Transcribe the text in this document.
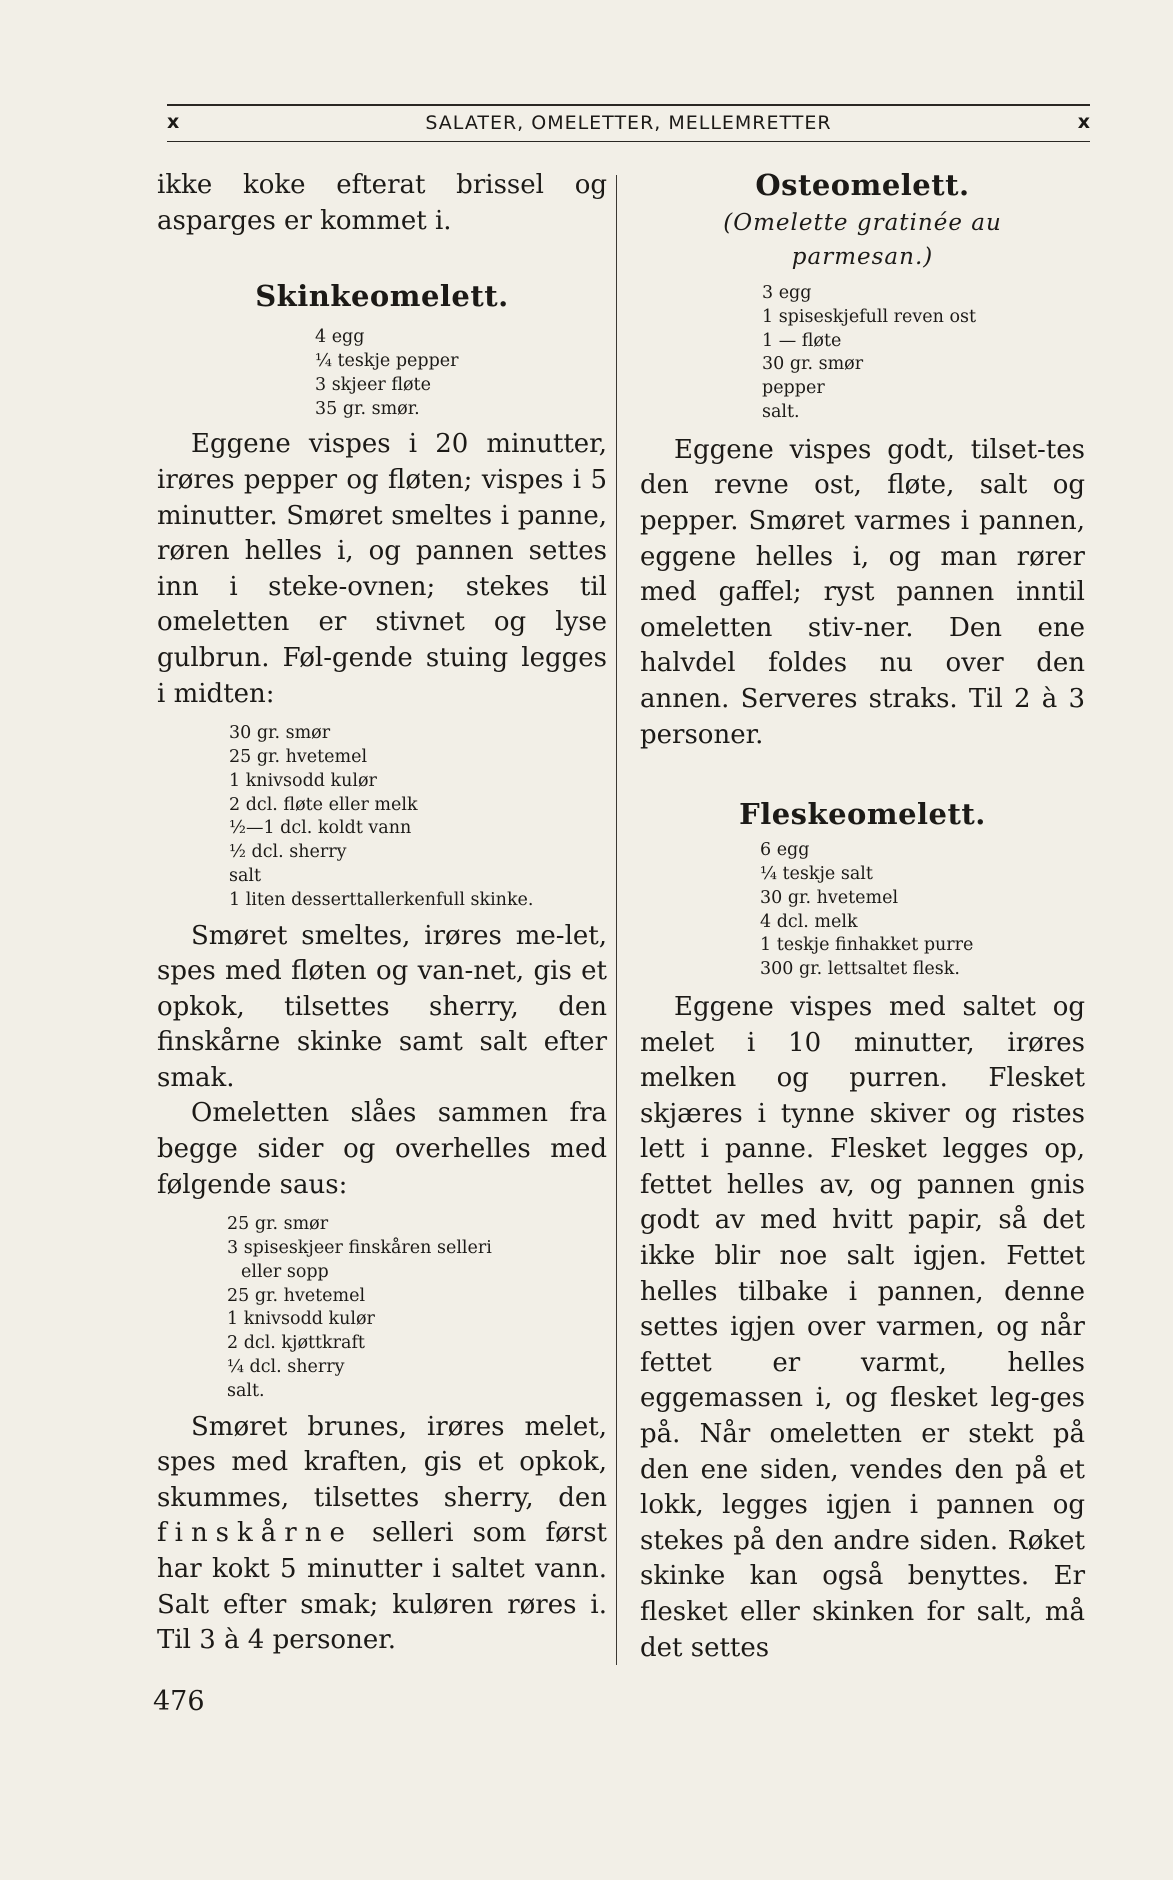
x	SALATER, OMELETTER, MELLEMRETTER	x

ikke koke efterat brissel og asparges er kommet i.

Skinkeomelett.
4 egg
¼ teskje pepper
3 skjeer fløte
35 gr. smør.

Eggene vispes i 20 minutter, irøres pepper og fløten; vispes i 5 minutter. Smøret smeltes i panne, røren helles i, og pannen settes inn i steke-ovnen; stekes til omeletten er stivnet og lyse gulbrun. Føl-gende stuing legges i midten:

30 gr. smør
25 gr. hvetemel
1 knivsodd kulør
2 dcl. fløte eller melk
½—1 dcl. koldt vann
½ dcl. sherry
salt
1 liten desserttallerkenfull skinke.

Smøret smeltes, irøres me-let, spes med fløten og van-net, gis et opkok, tilsettes sherry, den finskårne skinke samt salt efter smak.

Omeletten slåes sammen fra begge sider og overhelles med følgende saus:

25 gr. smør
3 spiseskjeer finskåren selleri
eller sopp
25 gr. hvetemel
1 knivsodd kulør
2 dcl. kjøttkraft
¼ dcl. sherry
salt.

Smøret brunes, irøres melet, spes med kraften, gis et opkok, skummes, tilsettes sherry, den finskårne selleri som først har kokt 5 minutter i saltet vann. Salt efter smak; kuløren røres i. Til 3 à 4 personer.

Osteomelett.

(Omelette gratinée au parmesan.)

3 egg
1 spiseskjefull reven ost
1 — fløte
30 gr. smør
pepper
salt.

Eggene vispes godt, tilset-tes den revne ost, fløte, salt og pepper. Smøret varmes i pannen, eggene helles i, og man rører med gaffel; ryst pannen inntil omeletten stiv-ner. Den ene halvdel foldes nu over den annen. Serveres straks. Til 2 à 3 personer.

Fleskeomelett.
6 egg
¼ teskje salt
30 gr. hvetemel
4 dcl. melk
1 teskje finhakket purre
300 gr. lettsaltet flesk.

Eggene vispes med saltet og melet i 10 minutter, irøres melken og purren. Flesket skjæres i tynne skiver og ristes lett i panne. Flesket legges op, fettet helles av, og pannen gnis godt av med hvitt papir, så det ikke blir noe salt igjen. Fettet helles tilbake i pannen, denne settes igjen over varmen, og når fettet er varmt, helles eggemassen i, og flesket leg-ges på. Når omeletten er stekt på den ene siden, vendes den på et lokk, legges igjen i pannen og stekes på den andre siden. Røket skinke kan også benyttes. Er flesket eller skinken for salt, må det settes

476
